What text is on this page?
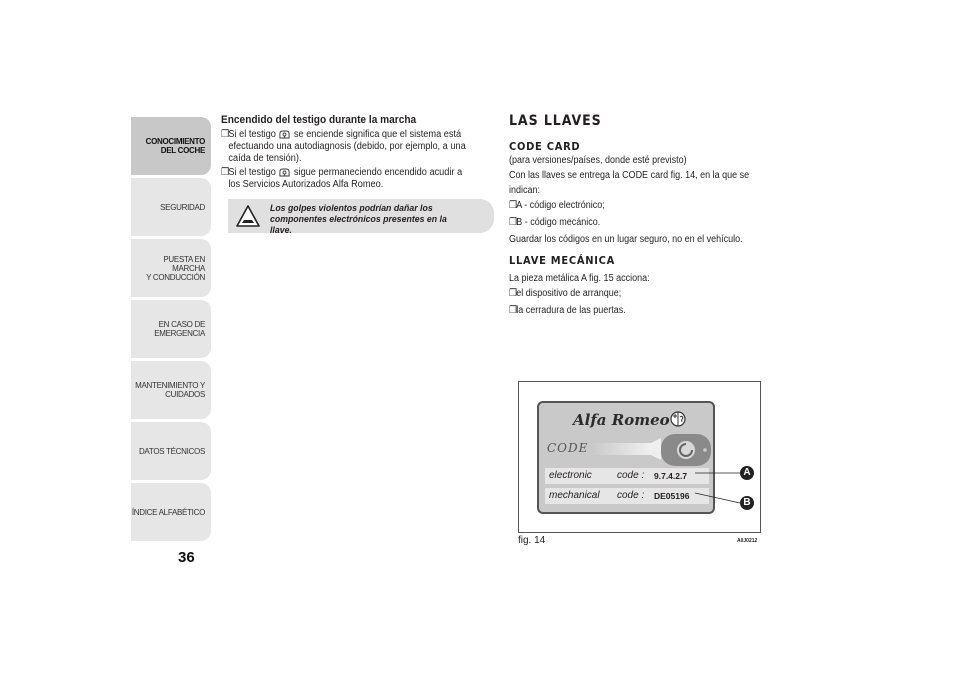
CONOCIMIENTO
DEL COCHE
SEGURIDAD
PUESTA EN MARCHA
Y CONDUCCIÓN
EN CASO DE
EMERGENCIA
MANTENIMIENTO Y
CUIDADOS
DATOS TÉCNICOS
ÍNDICE ALFABÉTICO
36
Encendido del testigo durante la marcha
❒ Si el testigo  se enciende significa que el sistema está efectuando una autodiagnosis (debido, por ejemplo, a una caída de tensión).
❒ Si el testigo  sigue permaneciendo encendido acudir a los Servicios Autorizados Alfa Romeo.
Los golpes violentos podrían dañar los componentes electrónicos presentes en la llave.
LAS LLAVES
CODE CARD

(para versiones/países, donde esté previsto)

Con las llaves se entrega la CODE card fig. 14, en la que se indican:

❒ A - código electrónico;
❒ B - código mecánico.

Guardar los códigos en un lugar seguro, no en el vehículo.

LLAVE MECÁNICA

La pieza metálica A fig. 15 acciona:

❒ el dispositivo de arranque;
❒ la cerradura de las puertas.
Alfa Romeo
CODE
electronic	code : 9.7.4.2.7
mechanical code : DE05196
A
B
fig. 14	A0J0212
